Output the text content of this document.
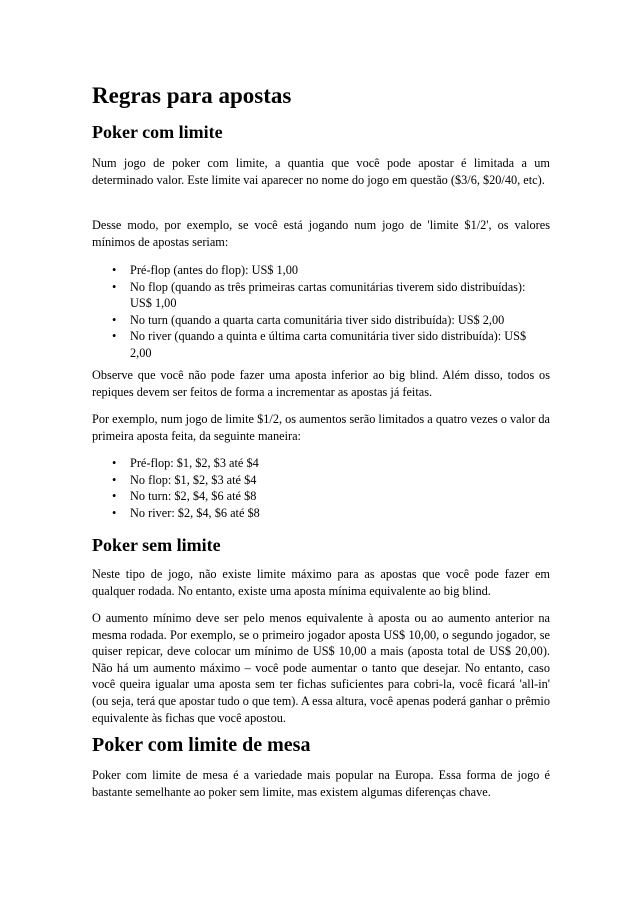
Regras para apostas
Poker com limite

Num jogo de poker com limite, a quantia que você pode apostar é limitada a um determinado valor. Este limite vai aparecer no nome do jogo em questão ($3/6, $20/40, etc).

Desse modo, por exemplo, se você está jogando num jogo de 'limite $1/2', os valores mínimos de apostas seriam:

• Pré-flop (antes do flop): US$ 1,00
• No flop (quando as três primeiras cartas comunitárias tiverem sido distribuídas): US$ 1,00
• No turn (quando a quarta carta comunitária tiver sido distribuída): US$ 2,00
• No river (quando a quinta e última carta comunitária tiver sido distribuída): US$ 2,00

Observe que você não pode fazer uma aposta inferior ao big blind. Além disso, todos os repiques devem ser feitos de forma a incrementar as apostas já feitas.

Por exemplo, num jogo de limite $1/2, os aumentos serão limitados a quatro vezes o valor da primeira aposta feita, da seguinte maneira:

• Pré-flop: $1, $2, $3 até $4
• No flop: $1, $2, $3 até $4
• No turn: $2, $4, $6 até $8
• No river: $2, $4, $6 até $8
Poker sem limite

Neste tipo de jogo, não existe limite máximo para as apostas que você pode fazer em qualquer rodada. No entanto, existe uma aposta mínima equivalente ao big blind.

O aumento mínimo deve ser pelo menos equivalente à aposta ou ao aumento anterior na mesma rodada. Por exemplo, se o primeiro jogador aposta US$ 10,00, o segundo jogador, se quiser repicar, deve colocar um mínimo de US$ 10,00 a mais (aposta total de US$ 20,00). Não há um aumento máximo – você pode aumentar o tanto que desejar. No entanto, caso você queira igualar uma aposta sem ter fichas suficientes para cobri-la, você ficará 'all-in' (ou seja, terá que apostar tudo o que tem). A essa altura, você apenas poderá ganhar o prêmio equivalente às fichas que você apostou.

Poker com limite de mesa

Poker com limite de mesa é a variedade mais popular na Europa. Essa forma de jogo é bastante semelhante ao poker sem limite, mas existem algumas diferenças chave.
